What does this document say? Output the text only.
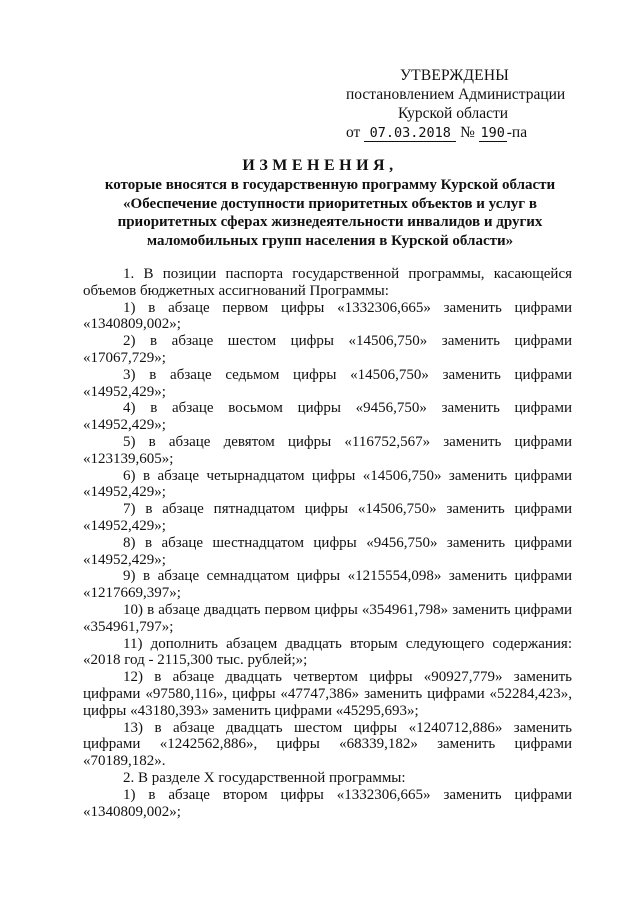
УТВЕРЖДЕНЫ
постановлением Администрации
Курской области
от 07.03.2018 № 190 -па
ИЗМЕНЕНИЯ,
которые вносятся в государственную программу Курской области
«Обеспечение доступности приоритетных объектов и услуг в
приоритетных сферах жизнедеятельности инвалидов и других
маломобильных групп населения в Курской области»

1. В позиции паспорта государственной программы, касающейся объемов бюджетных ассигнований Программы:

1) в абзаце первом цифры «1332306,665» заменить цифрами «1340809,002»;

2) в абзаце шестом цифры «14506,750» заменить цифрами «17067,729»;

3) в абзаце седьмом цифры «14506,750» заменить цифрами «14952,429»;

4) в абзаце восьмом цифры «9456,750» заменить цифрами «14952,429»;

5) в абзаце девятом цифры «116752,567» заменить цифрами «123139,605»;

6) в абзаце четырнадцатом цифры «14506,750» заменить цифрами «14952,429»;

7) в абзаце пятнадцатом цифры «14506,750» заменить цифрами «14952,429»;

8) в абзаце шестнадцатом цифры «9456,750» заменить цифрами «14952,429»;

9) в абзаце семнадцатом цифры «1215554,098» заменить цифрами «1217669,397»;

10) в абзаце двадцать первом цифры «354961,798» заменить цифрами «354961,797»;

11) дополнить абзацем двадцать вторым следующего содержания: «2018 год - 2115,300 тыс. рублей;»;

12) в абзаце двадцать четвертом цифры «90927,779» заменить цифрами «97580,116», цифры «47747,386» заменить цифрами «52284,423», цифры «43180,393» заменить цифрами «45295,693»;

13) в абзаце двадцать шестом цифры «1240712,886» заменить цифрами «1242562,886», цифры «68339,182» заменить цифрами «70189,182».

2. В разделе X государственной программы:

1) в абзаце втором цифры «1332306,665» заменить цифрами «1340809,002»;
